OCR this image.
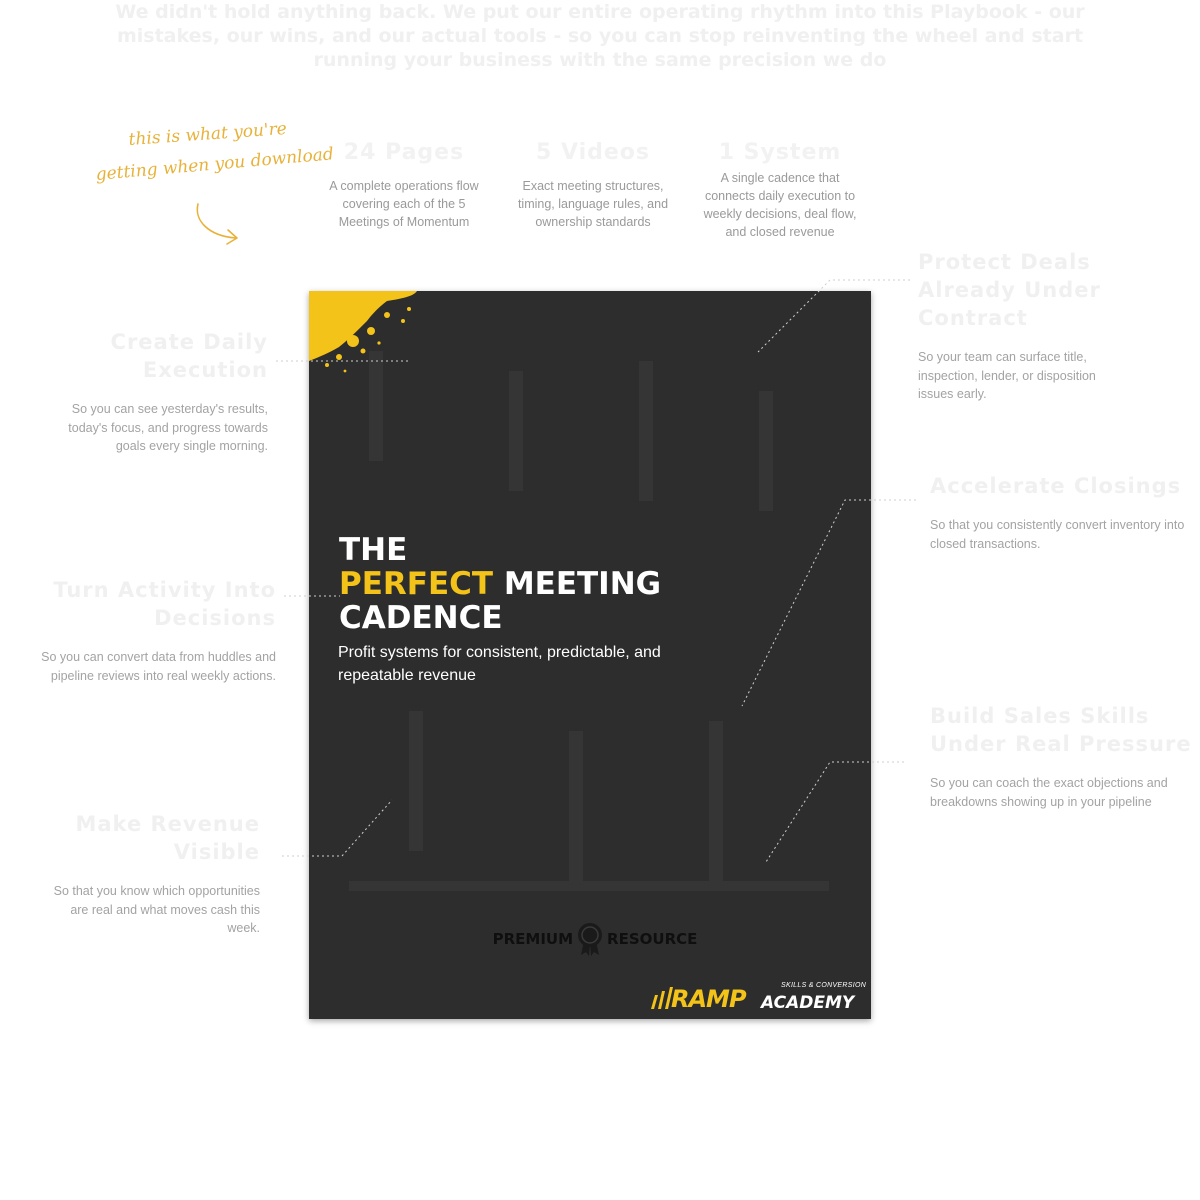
We didn't hold anything back. We put our entire operating rhythm into this Playbook - our mistakes, our wins, and our actual tools - so you can stop reinventing the wheel and start running your business with the same precision we do
this is what you're
getting when you download 24 Pages
A complete operations flow covering each of the 5 Meetings of Momentum
5 Videos
Exact meeting structures, timing, language rules, and ownership standards
1 System
A single cadence that connects daily execution to weekly decisions, deal flow, and closed revenue
Create Daily Execution
So you can see yesterday's results, today's focus, and progress towards goals every single morning.
Turn Activity Into Decisions
So you can convert data from huddles and pipeline reviews into real weekly actions.
Make Revenue Visible
So that you know which opportunities are real and what moves cash this week.
Protect Deals Already Under Contract
So your team can surface title, inspection, lender, or disposition issues early.
Accelerate Closings
So that you consistently convert inventory into closed transactions.
Build Sales Skills Under Real Pressure
So you can coach the exact objections and breakdowns showing up in your pipeline
THE
PERFECT MEETING
CADENCE
Profit systems for consistent, predictable, and repeatable revenue
PREMIUM RESOURCE
RAMP	SKILLS & CONVERSION
ACADEMY
